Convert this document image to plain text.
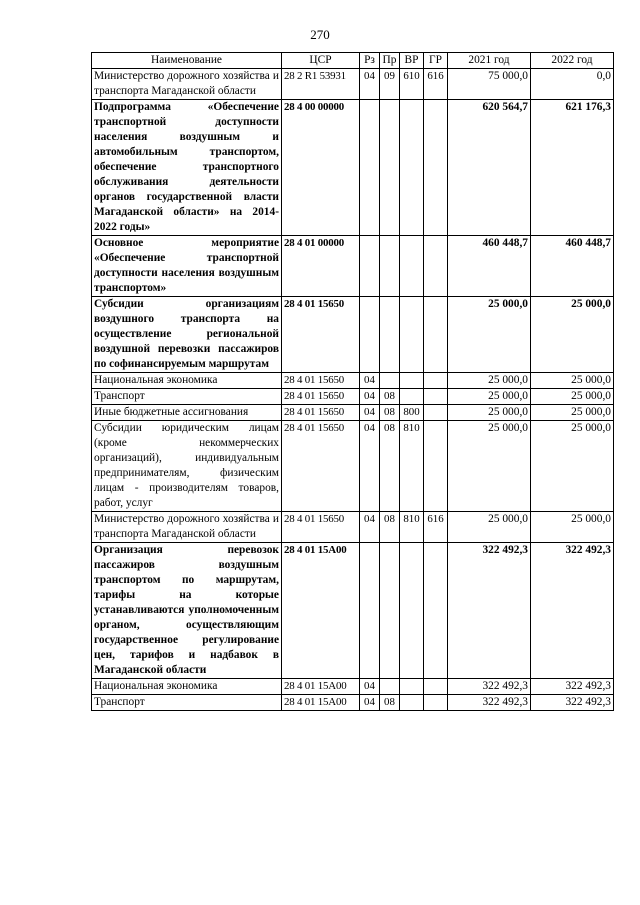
270
Наименование	ЦСР	Рз	Пр	ВР	ГР	2021 год	2022 год
Министерство дорожного хозяйства и транспорта Магаданской области	28 2 R1 53931	04	09	610	616	75 000,0	0,0
Подпрограмма «Обеспечение транспортной доступности населения воздушным и автомобильным транспортом, обеспечение транспортного обслуживания деятельности органов государственной власти Магаданской области» на 2014-2022 годы»	28 4 00 00000					620 564,7	621 176,3
Основное мероприятие «Обеспечение транспортной доступности населения воздушным транспортом»	28 4 01 00000					460 448,7	460 448,7
Субсидии организациям воздушного транспорта на осуществление региональной воздушной перевозки пассажиров по софинансируемым маршрутам	28 4 01 15650					25 000,0	25 000,0
Национальная экономика	28 4 01 15650	04				25 000,0	25 000,0
Транспорт	28 4 01 15650	04	08			25 000,0	25 000,0
Иные бюджетные ассигнования	28 4 01 15650	04	08	800		25 000,0	25 000,0
Субсидии юридическим лицам (кроме некоммерческих организаций), индивидуальным предпринимателям, физическим лицам - производителям товаров, работ, услуг	28 4 01 15650	04	08	810		25 000,0	25 000,0
Министерство дорожного хозяйства и транспорта Магаданской области	28 4 01 15650	04	08	810	616	25 000,0	25 000,0
Организация перевозок пассажиров воздушным транспортом по маршрутам, тарифы на которые устанавливаются уполномоченным органом, осуществляющим государственное регулирование цен, тарифов и надбавок в Магаданской области	28 4 01 15A00					322 492,3	322 492,3
Национальная экономика	28 4 01 15A00	04				322 492,3	322 492,3
Транспорт	28 4 01 15A00	04	08			322 492,3	322 492,3
